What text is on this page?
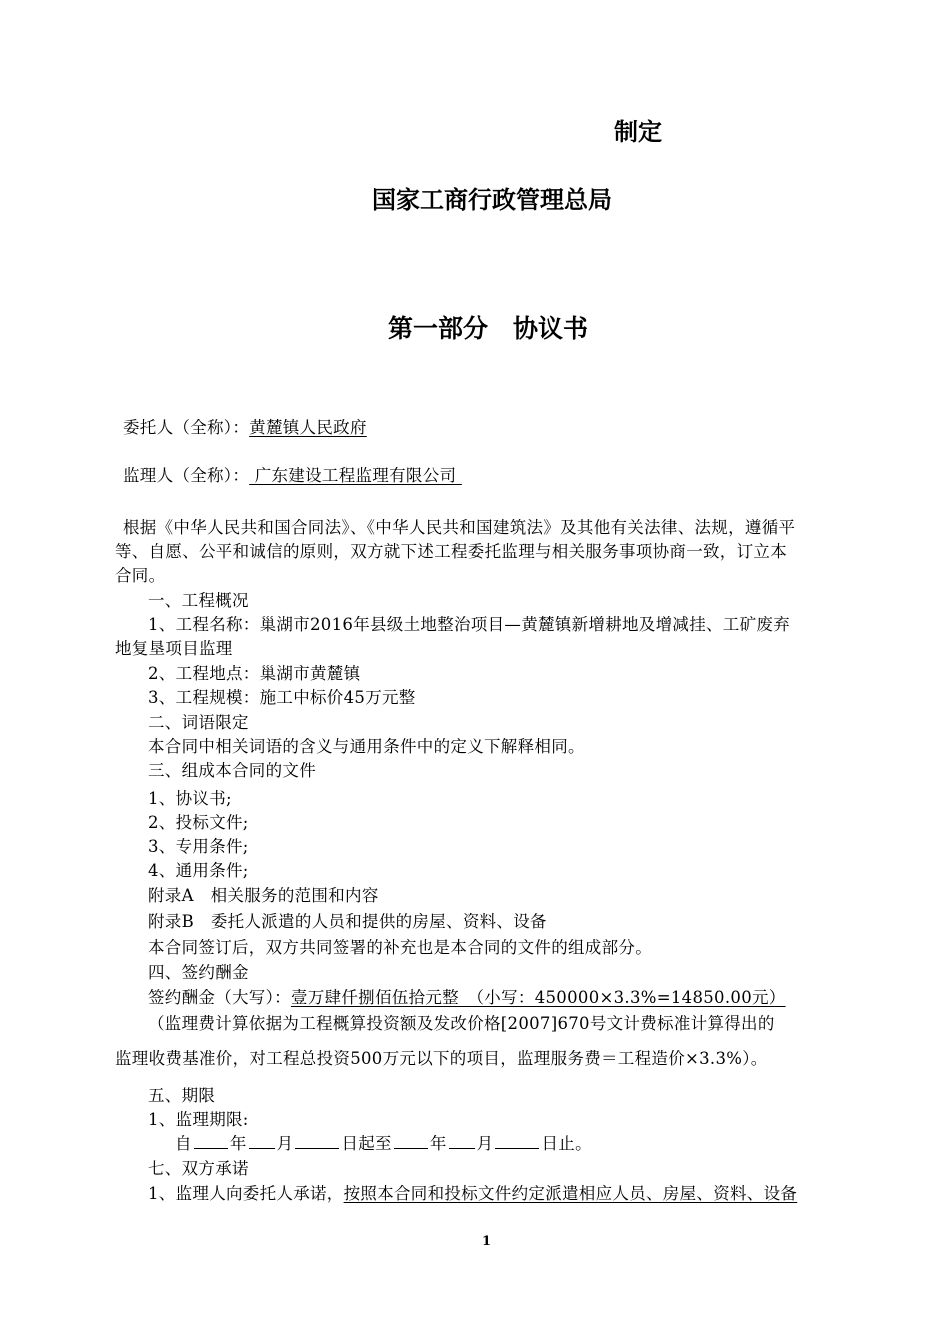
制定
国家工商行政管理总局
第一部分　协议书
委托人（全称）：黄麓镇人民政府
监理人（全称）： 广东建设工程监理有限公司
根据《中华人民共和国合同法》、《中华人民共和国建筑法》及其他有关法律、法规，遵循平
等、自愿、公平和诚信的原则，双方就下述工程委托监理与相关服务事项协商一致，订立本
合同。
一、工程概况
1、工程名称：巢湖市2016年县级土地整治项目—黄麓镇新增耕地及增减挂、工矿废弃
地复垦项目监理
2、工程地点：巢湖市黄麓镇
3、工程规模：施工中标价45万元整
二、词语限定
本合同中相关词语的含义与通用条件中的定义下解释相同。
三、组成本合同的文件
1、协议书;
2、投标文件;
3、专用条件;
4、通用条件;
附录A　相关服务的范围和内容
附录B　委托人派遣的人员和提供的房屋、资料、设备
本合同签订后，双方共同签署的补充也是本合同的文件的组成部分。
四、签约酬金
签约酬金（大写）：壹万肆仟捌佰伍拾元整　（小写：450000×3.3%=14850.00元）
（监理费计算依据为工程概算投资额及发改价格[2007]670号文计费标准计算得出的
监理收费基准价，对工程总投资500万元以下的项目，监理服务费＝工程造价×3.3%）。
五、期限
1、监理期限:
自 年 月	日起至 年 月	日止。
七、双方承诺
1、监理人向委托人承诺，按照本合同和投标文件约定派遣相应人员、房屋、资料、设备
1
